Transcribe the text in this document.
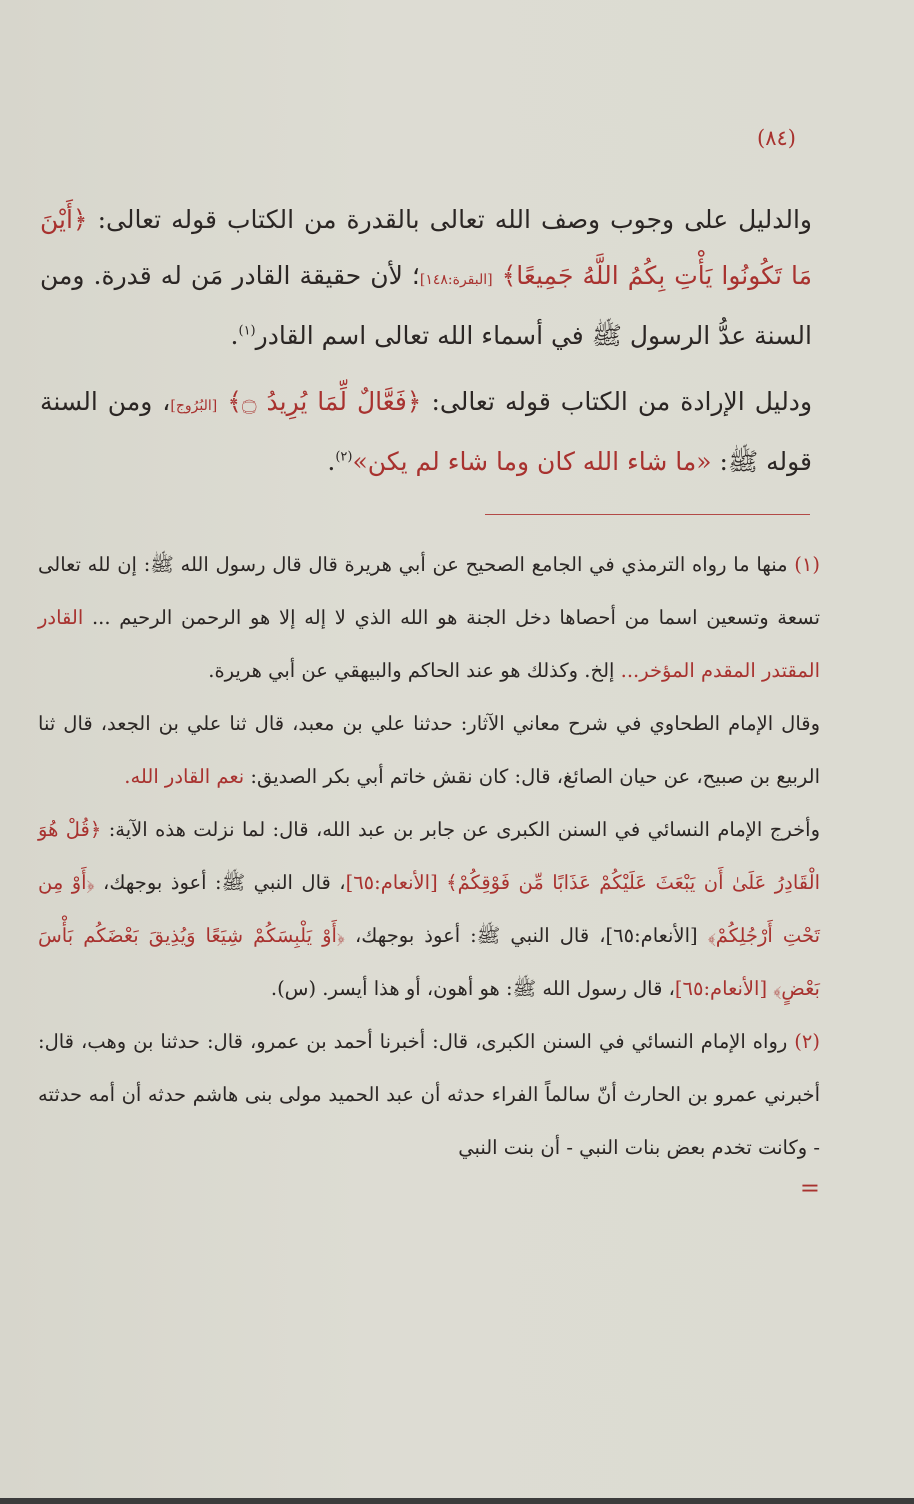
(٨٤)

والدليل على وجوب وصف الله تعالى بالقدرة من الكتاب قوله تعالى: ﴿أَيْنَ مَا تَكُونُوا يَأْتِ بِكُمُ اللَّهُ جَمِيعًا﴾ [البقرة:١٤٨]؛ لأن حقيقة القادر مَن له قدرة. ومن السنة عدُّ الرسول ﷺ في أسماء الله تعالى اسم القادر$^{(١)}$.

ودليل الإرادة من الكتاب قوله تعالى: ﴿فَعَّالٌ لِّمَا يُرِيدُ ۝﴾ [البُرُوج]، ومن السنة قوله ﷺ: «ما شاء الله كان وما شاء لم يكن»$^{(٢)}$.

(١) منها ما رواه الترمذي في الجامع الصحيح عن أبي هريرة قال قال رسول الله ﷺ: إن لله تعالى تسعة وتسعين اسما من أحصاها دخل الجنة هو الله الذي لا إله إلا هو الرحمن الرحيم ... القادر المقتدر المقدم المؤخر... إلخ. وكذلك هو عند الحاكم والبيهقي عن أبي هريرة.

وقال الإمام الطحاوي في شرح معاني الآثار: حدثنا علي بن معبد، قال ثنا علي بن الجعد، قال ثنا الربيع بن صبيح، عن حيان الصائغ، قال: كان نقش خاتم أبي بكر الصديق: نعم القادر الله.

وأخرج الإمام النسائي في السنن الكبرى عن جابر بن عبد الله، قال: لما نزلت هذه الآية: ﴿قُلْ هُوَ الْقَادِرُ عَلَىٰ أَن يَبْعَثَ عَلَيْكُمْ عَذَابًا مِّن فَوْقِكُمْ﴾ [الأنعام:٦٥]، قال النبي ﷺ: أعوذ بوجهك، ﴿أَوْ مِن تَحْتِ أَرْجُلِكُمْ﴾ [الأنعام:٦٥]، قال النبي ﷺ: أعوذ بوجهك، ﴿أَوْ يَلْبِسَكُمْ شِيَعًا وَيُذِيقَ بَعْضَكُم بَأْسَ بَعْضٍ﴾ [الأنعام:٦٥]، قال رسول الله ﷺ: هو أهون، أو هذا أيسر. (س).

(٢) رواه الإمام النسائي في السنن الكبرى، قال: أخبرنا أحمد بن عمرو، قال: حدثنا بن وهب، قال: أخبرني عمرو بن الحارث أنّ سالماً الفراء حدثه أن عبد الحميد مولى بنى هاشم حدثه أن أمه حدثته - وكانت تخدم بعض بنات النبي - أن بنت النبي
=
